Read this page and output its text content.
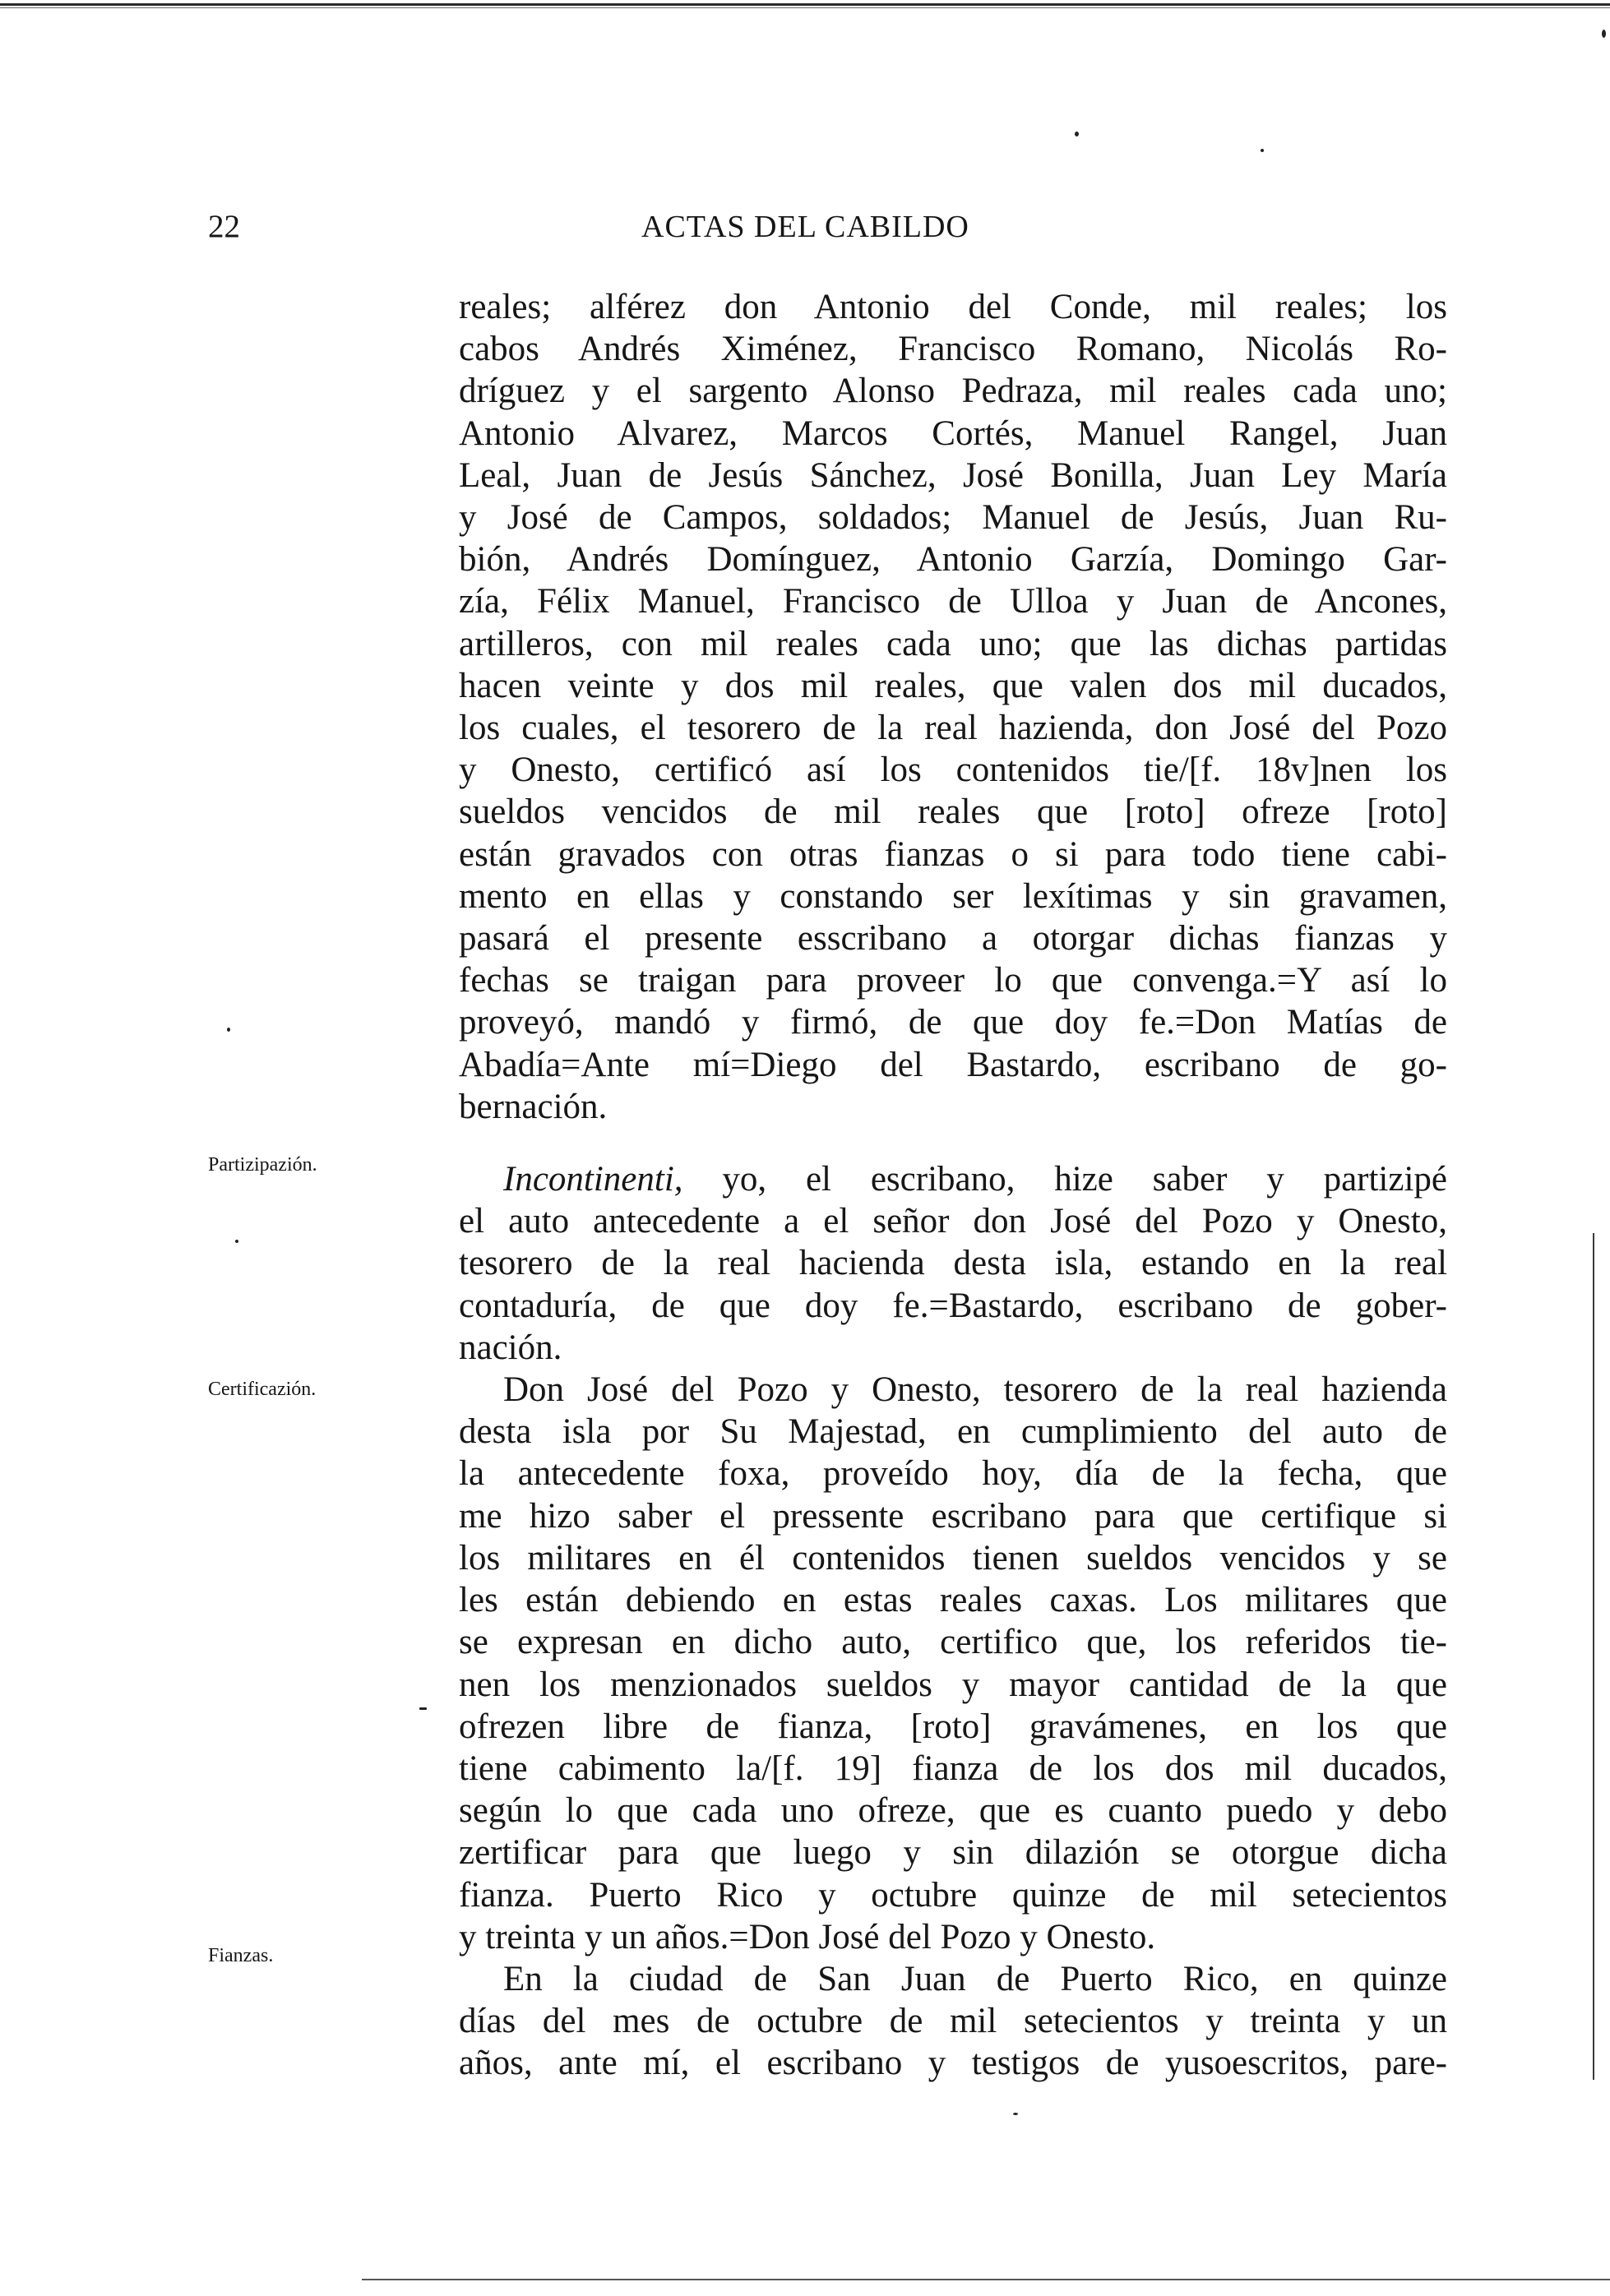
22	ACTAS DEL CABILDO
Partizipazión.
Certificazión.
Fianzas.
reales; alférez don Antonio del Conde, mil reales; los
cabos Andrés Ximénez, Francisco Romano, Nicolás Ro-
dríguez y el sargento Alonso Pedraza, mil reales cada uno;
Antonio Alvarez, Marcos Cortés, Manuel Rangel, Juan
Leal, Juan de Jesús Sánchez, José Bonilla, Juan Ley María
y José de Campos, soldados; Manuel de Jesús, Juan Ru-
bión, Andrés Domínguez, Antonio Garzía, Domingo Gar-
zía, Félix Manuel, Francisco de Ulloa y Juan de Ancones,
artilleros, con mil reales cada uno; que las dichas partidas
hacen veinte y dos mil reales, que valen dos mil ducados,
los cuales, el tesorero de la real hazienda, don José del Pozo
y Onesto, certificó así los contenidos tie/[f. 18v]nen los
sueldos vencidos de mil reales que [roto] ofreze [roto]
están gravados con otras fianzas o si para todo tiene cabi-
mento en ellas y constando ser lexítimas y sin gravamen,
pasará el presente esscribano a otorgar dichas fianzas y
fechas se traigan para proveer lo que convenga.=Y así lo
proveyó, mandó y firmó, de que doy fe.=Don Matías de
Abadía=Ante mí=Diego del Bastardo, escribano de go-
bernación.
Incontinenti, yo, el escribano, hize saber y partizipé
el auto antecedente a el señor don José del Pozo y Onesto,
tesorero de la real hacienda desta isla, estando en la real
contaduría, de que doy fe.=Bastardo, escribano de gober-
nación.
Don José del Pozo y Onesto, tesorero de la real hazienda
desta isla por Su Majestad, en cumplimiento del auto de
la antecedente foxa, proveído hoy, día de la fecha, que
me hizo saber el pressente escribano para que certifique si
los militares en él contenidos tienen sueldos vencidos y se
les están debiendo en estas reales caxas. Los militares que
se expresan en dicho auto, certifico que, los referidos tie-
nen los menzionados sueldos y mayor cantidad de la que
ofrezen libre de fianza, [roto] gravámenes, en los que
tiene cabimento la/[f. 19] fianza de los dos mil ducados,
según lo que cada uno ofreze, que es cuanto puedo y debo
zertificar para que luego y sin dilazión se otorgue dicha
fianza. Puerto Rico y octubre quinze de mil setecientos
y treinta y un años.=Don José del Pozo y Onesto.
En la ciudad de San Juan de Puerto Rico, en quinze
días del mes de octubre de mil setecientos y treinta y un
años, ante mí, el escribano y testigos de yusoescritos, pare-
